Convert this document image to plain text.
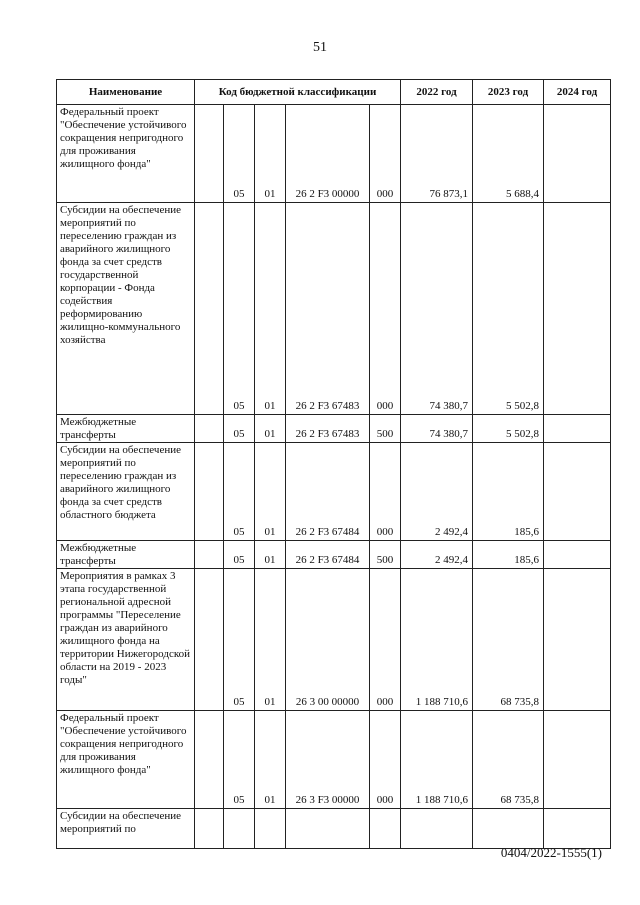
51
Наименование	Код бюджетной классификации					2022 год	2023 год	2024 год
Федеральный проект "Обеспечение устойчивого сокращения непригодного для проживания жилищного фонда"		05	01	26 2 F3 00000	000	76 873,1	5 688,4	
Субсидии на обеспечение мероприятий по переселению граждан из аварийного жилищного фонда за счет средств государственной корпорации - Фонда содействия реформированию жилищно-коммунального хозяйства		05	01	26 2 F3 67483	000	74 380,7	5 502,8	
Межбюджетные трансферты		05	01	26 2 F3 67483	500	74 380,7	5 502,8	
Субсидии на обеспечение мероприятий по переселению граждан из аварийного жилищного фонда за счет средств областного бюджета		05	01	26 2 F3 67484	000	2 492,4	185,6	
Межбюджетные трансферты		05	01	26 2 F3 67484	500	2 492,4	185,6	
Мероприятия в рамках 3 этапа государственной региональной адресной программы "Переселение граждан из аварийного жилищного фонда на территории Нижегородской области на 2019 - 2023 годы"		05	01	26 3 00 00000	000	1 188 710,6	68 735,8	
Федеральный проект "Обеспечение устойчивого сокращения непригодного для проживания жилищного фонда"		05	01	26 3 F3 00000	000	1 188 710,6	68 735,8	
Субсидии на обеспечение мероприятий по								
0404/2022-1555(1)
